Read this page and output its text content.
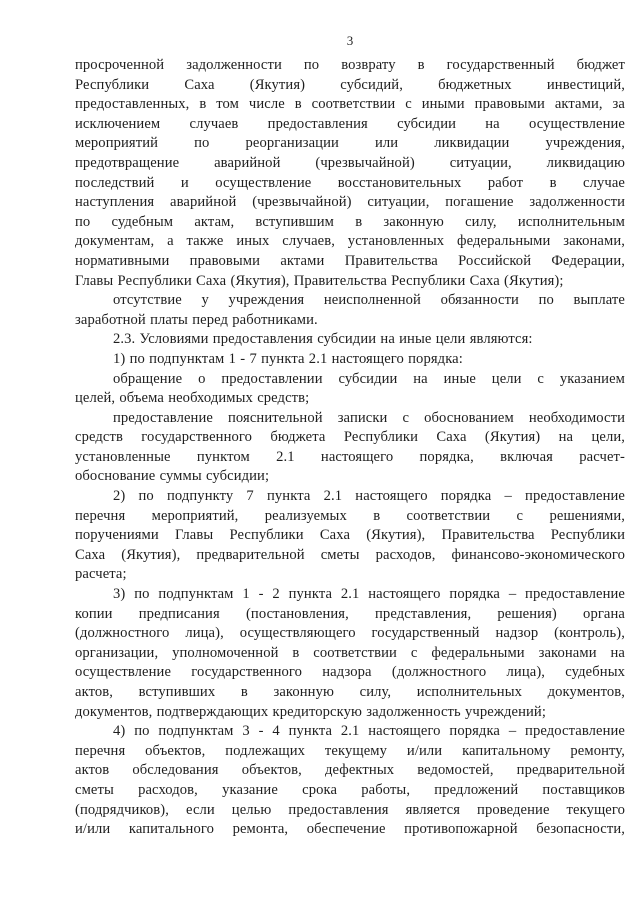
3

просроченной задолженности по возврату в государственный бюджет
Республики Саха (Якутия) субсидий, бюджетных инвестиций,
предоставленных, в том числе в соответствии с иными правовыми актами, за
исключением случаев предоставления субсидии на осуществление
мероприятий по реорганизации или ликвидации учреждения,
предотвращение аварийной (чрезвычайной) ситуации, ликвидацию
последствий и осуществление восстановительных работ в случае
наступления аварийной (чрезвычайной) ситуации, погашение задолженности
по судебным актам, вступившим в законную силу, исполнительным
документам, а также иных случаев, установленных федеральными законами,
нормативными правовыми актами Правительства Российской Федерации,
Главы Республики Саха (Якутия), Правительства Республики Саха (Якутия);

отсутствие у учреждения неисполненной обязанности по выплате
заработной платы перед работниками.

2.3. Условиями предоставления субсидии на иные цели являются:

1) по подпунктам 1 - 7 пункта 2.1 настоящего порядка:

обращение о предоставлении субсидии на иные цели с указанием
целей, объема необходимых средств;

предоставление пояснительной записки с обоснованием необходимости
средств государственного бюджета Республики Саха (Якутия) на цели,
установленные пунктом 2.1 настоящего порядка, включая расчет-
обоснование суммы субсидии;

2) по подпункту 7 пункта 2.1 настоящего порядка – предоставление
перечня мероприятий, реализуемых в соответствии с решениями,
поручениями Главы Республики Саха (Якутия), Правительства Республики
Саха (Якутия), предварительной сметы расходов, финансово-экономического
расчета;

3) по подпунктам 1 - 2 пункта 2.1 настоящего порядка – предоставление
копии предписания (постановления, представления, решения) органа
(должностного лица), осуществляющего государственный надзор (контроль),
организации, уполномоченной в соответствии с федеральными законами на
осуществление государственного надзора (должностного лица), судебных
актов, вступивших в законную силу, исполнительных документов,
документов, подтверждающих кредиторскую задолженность учреждений;

4) по подпунктам 3 - 4 пункта 2.1 настоящего порядка – предоставление
перечня объектов, подлежащих текущему и/или капитальному ремонту,
актов обследования объектов, дефектных ведомостей, предварительной
сметы расходов, указание срока работы, предложений поставщиков
(подрядчиков), если целью предоставления является проведение текущего
и/или капитального ремонта, обеспечение противопожарной безопасности,
